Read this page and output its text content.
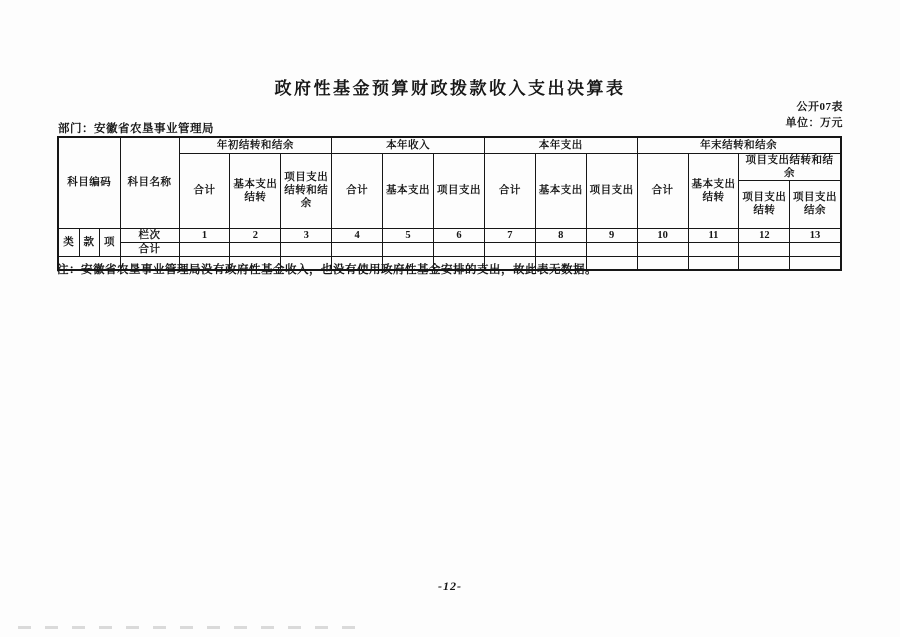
政府性基金预算财政拨款收入支出决算表
公开07表
单位：万元
部门：安徽省农垦事业管理局
科目编码			科目名称	年初结转和结余			本年收入			本年支出			年末结转和结余			
				合计	基本支出结转	项目支出结转和结余	合计	基本支出	项目支出	合计	基本支出	项目支出	合计	基本支出结转	项目支出结转和结余	
															项目支出结转	项目支出结余
类	款	项	栏次	1	2	3	4	5	6	7	8	9	10	11	12	13
			合计													

注：安徽省农垦事业管理局没有政府性基金收入，也没有使用政府性基金安排的支出，故此表无数据。
-12-
